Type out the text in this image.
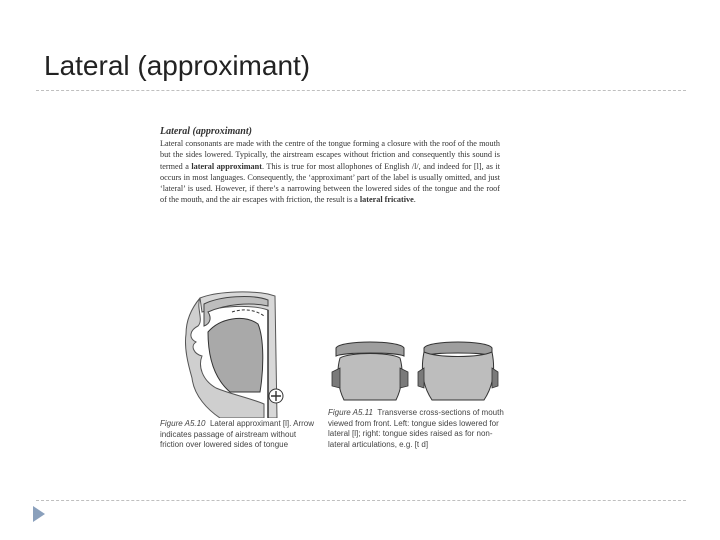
Lateral (approximant)
Lateral (approximant)
Lateral consonants are made with the centre of the tongue forming a closure with the roof of the mouth but the sides lowered. Typically, the airstream escapes without friction and consequently this sound is termed a lateral approximant. This is true for most allophones of English /l/, and indeed for [l], as it occurs in most languages. Consequently, the ‘approximant’ part of the label is usually omitted, and just ‘lateral’ is used. However, if there’s a narrowing between the lowered sides of the tongue and the roof of the mouth, and the air escapes with friction, the result is a lateral fricative.
Figure A5.10 Lateral approximant [l]. Arrow indicates passage of airstream without friction over lowered sides of tongue
Figure A5.11 Transverse cross-sections of mouth viewed from front. Left: tongue sides lowered for lateral [l]; right: tongue sides raised as for non-lateral articulations, e.g. [t d]
